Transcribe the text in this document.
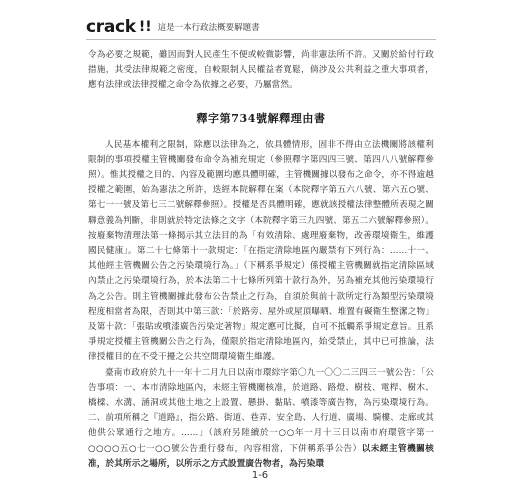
crack !! 這是一本行政法概要解題書

令為必要之規範，雖因而對人民產生不便或較微影響，尚非憲法所不許。又關於給付行政措施，其受法律規範之密度，自較限制人民權益者寬鬆，倘涉及公共利益之重大事項者，應有法律或法律授權之命令為依據之必要，乃屬當然。

釋字第734號解釋理由書

人民基本權利之限制，除應以法律為之，依具體情形，固非不得由立法機關將該權利限制的事項授權主管機關發布命令為補充規定（參照釋字第四四三號、第四八八號解釋參照）。惟其授權之目的、內容及範圍均應具體明確，主管機關據以發布之命令，亦不得逾越授權之範圍，始為憲法之所許，迭經本院解釋在案（本院釋字第五六八號、第六五○號、第七一一號及第七三二號解釋參照）。授權是否具體明確，應就該授權法律整體所表現之關聯意義為判斷，非則就於特定法條之文字（本院釋字第三九四號、第五二六號解釋參照）。按廢棄物清理法第一條揭示其立法目的為「有效清除、處理廢棄物，改善環境衛生，維護國民健康」。第二十七條第十一款規定：「在指定清除地區內嚴禁有下列行為：……十一、其他經主管機關公告之污染環境行為。」（下稱系爭規定）係授權主管機關就指定清除區域內禁止之污染環境行為，於本法第二十七條所列第十款行為外，另為補充其他污染環境行為之公告。則主管機關據此發布公告禁止之行為，自須於與前十款所定行為類型污染環境程度相當者為限，否則其中第三款：「於路旁、屋外或屋頂曝晒、堆置有礙衛生整潔之物」及第十款：「張貼或噴漆廣告污染定著物」規定應可比擬，自可不抵觸系爭規定意旨。且系爭規定授權主管機關公告之行為，僅限於指定清除地區內，始受禁止，其中已可推論，法律授權目的在不受干擾之公共空間環境衛生維護。

臺南市政府於九十一年十二月九日以南市環綜字第〇九一〇〇二三四三一號公告：「公告事項：一、本市清除地區內，未經主管機關核准，於道路、路燈、樹枝、電桿、樹木、橋樑、水溝、涵洞或其他土地之上設置、懸掛、黏貼、噴漆等廣告物，為污染環境行為。二、前項所稱之『道路』，指公路、街道、巷弄、安全島、人行道、廣場、騎樓、走廊或其他供公眾通行之地方。……」（該府另陸續於一○○年一月十三日以南市府環管字第一○○○○五○七一○○號公告重行發布，內容相當，下併稱系爭公告）以未經主管機關核准，於其所示之場所，以所示之方式設置廣告物者，為污染環

1-6
